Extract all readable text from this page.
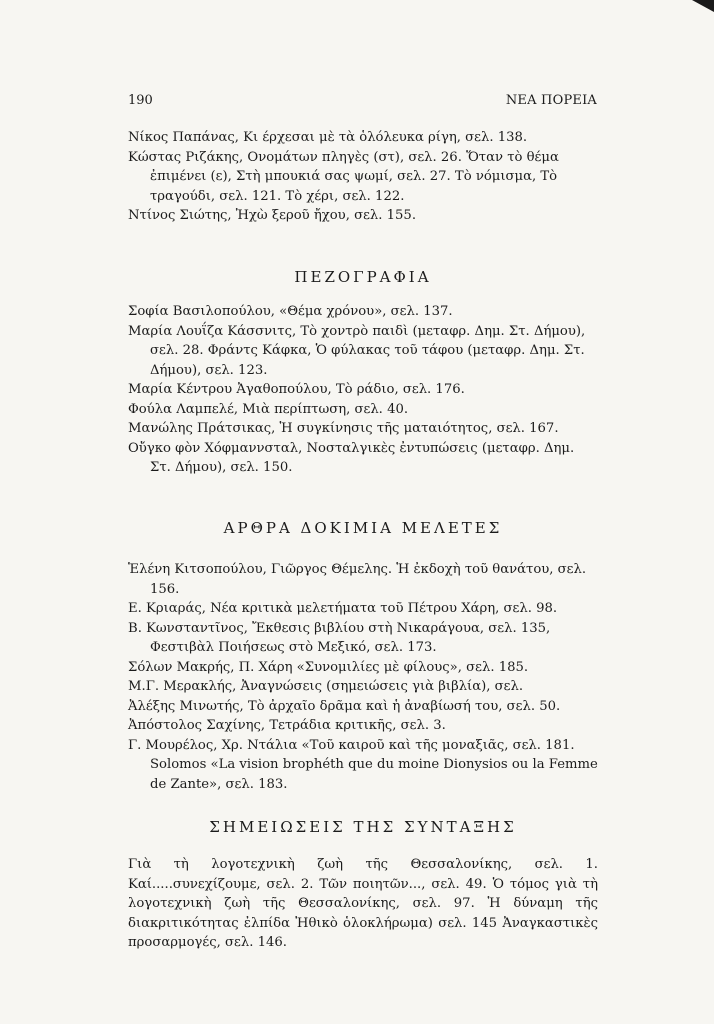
190	ΝΕΑ ΠΟΡΕΙΑ

Νίκος Παπάνας, Κι έρχεσαι μὲ τὰ ὁλόλευκα ρίγη, σελ. 138.

Κώστας Ριζάκης, Ονομάτων πληγὲς (στ), σελ. 26. Ὅταν τὸ θέμα ἐπιμένει (ε), Στὴ μπουκιά σας ψωμί, σελ. 27. Τὸ νόμισμα, Τὸ τραγούδι, σελ. 121. Τὸ χέρι, σελ. 122.

Ντίνος Σιώτης, Ἠχὼ ξεροῦ ἤχου, σελ. 155.

ΠΕΖΟΓΡΑΦΙΑ

Σοφία Βασιλοπούλου, «Θέμα χρόνου», σελ. 137.

Μαρία Λουΐζα Κάσσνιτς, Τὸ χοντρὸ παιδὶ (μεταφρ. Δημ. Στ. Δήμου), σελ. 28. Φράντς Κάφκα, Ὁ φύλακας τοῦ τάφου (μεταφρ. Δημ. Στ. Δήμου), σελ. 123.

Μαρία Κέντρου Ἀγαθοπούλου, Τὸ ράδιο, σελ. 176.

Φούλα Λαμπελέ, Μιὰ περίπτωση, σελ. 40.

Μανώλης Πράτσικας, Ἡ συγκίνησις τῆς ματαιότητος, σελ. 167.

Οὔγκο φὸν Χόφμαννσταλ, Νοσταλγικὲς ἐντυπώσεις (μεταφρ. Δημ. Στ. Δήμου), σελ. 150.

ΑΡΘΡΑ ΔΟΚΙΜΙΑ ΜΕΛΕΤΕΣ

Ἑλένη Κιτσοπούλου, Γιῶργος Θέμελης. Ἡ ἐκδοχὴ τοῦ θανάτου, σελ. 156.

Ε. Κριαράς, Νέα κριτικὰ μελετήματα τοῦ Πέτρου Χάρη, σελ. 98.

Β. Κωνσταντῖνος, Ἔκθεσις βιβλίου στὴ Νικαράγουα, σελ. 135, Φεστιβὰλ Ποιήσεως στὸ Μεξικό, σελ. 173.

Σόλων Μακρής, Π. Χάρη «Συνομιλίες μὲ φίλους», σελ. 185.

Μ.Γ. Μερακλής, Ἀναγνώσεις (σημειώσεις γιὰ βιβλία), σελ.

Ἀλέξης Μινωτής, Τὸ ἀρχαῖο δρᾶμα καὶ ἡ ἀναβίωσή του, σελ. 50.

Ἀπόστολος Σαχίνης, Τετράδια κριτικῆς, σελ. 3.

Γ. Μουρέλος, Χρ. Ντάλια «Τοῦ καιροῦ καὶ τῆς μοναξιᾶς, σελ. 181. Solomos «La vision brophéth que du moine Dionysios ou la Femme de Zante», σελ. 183.

ΣΗΜΕΙΩΣΕΙΣ ΤΗΣ ΣΥΝΤΑΞΗΣ
Γιὰ τὴ λογοτεχνικὴ ζωὴ τῆς Θεσσαλονίκης, σελ. 1. Καί.....συνεχίζουμε, σελ. 2. Τῶν ποιητῶν..., σελ. 49. Ὁ τόμος γιὰ τὴ λογοτεχνικὴ ζωὴ τῆς Θεσσαλονίκης, σελ. 97. Ἡ δύναμη τῆς διακριτικότητας ἐλπίδα Ἠθικὸ ὁλοκλήρωμα) σελ. 145 Ἀναγκαστικὲς προσαρμογές, σελ. 146.
